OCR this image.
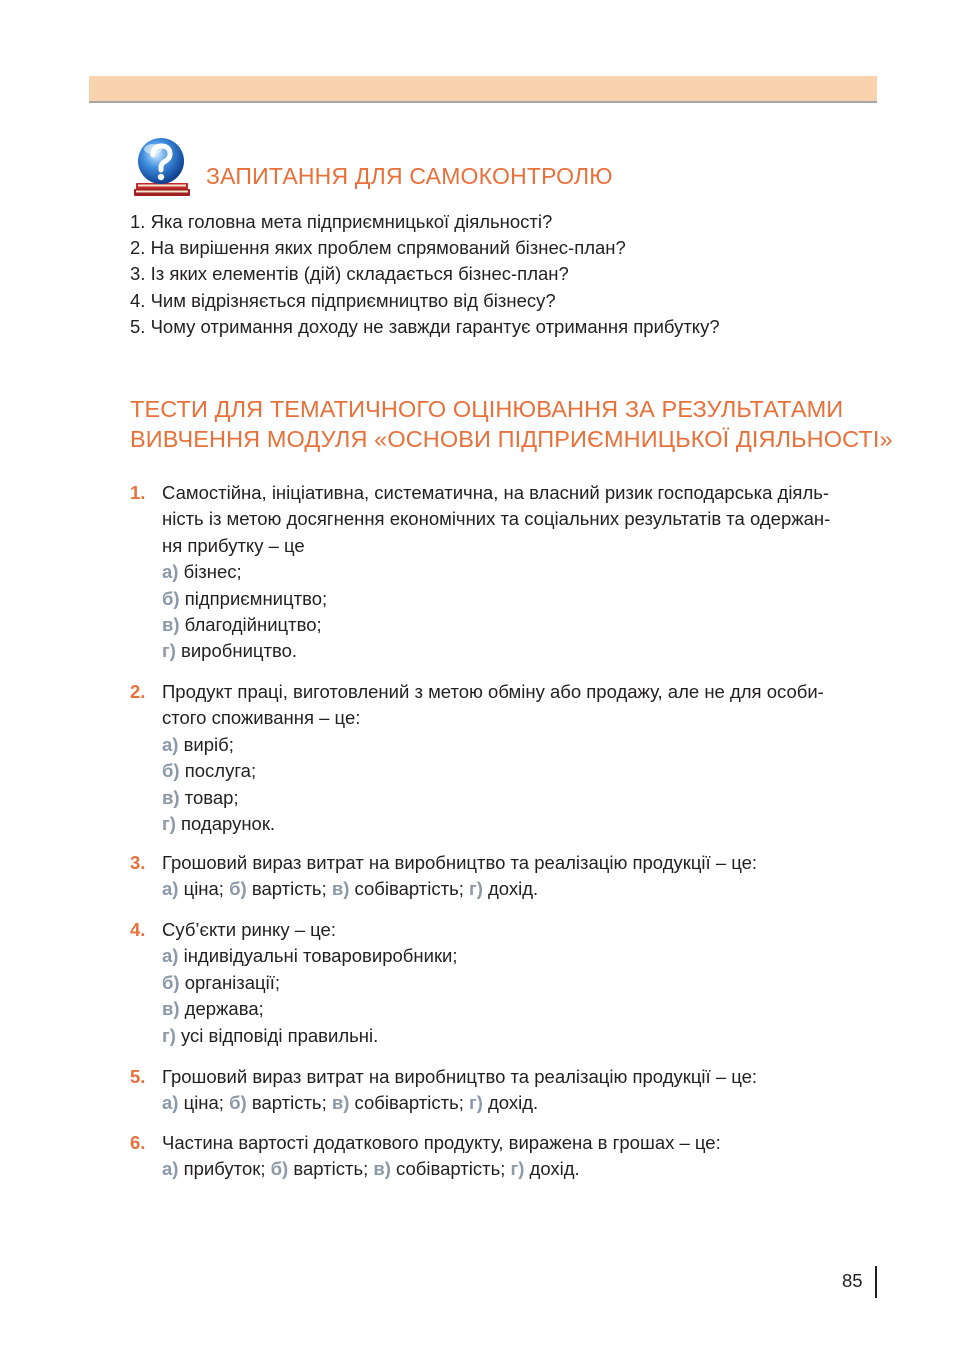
ЗАПИТАННЯ ДЛЯ САМОКОНТРОЛЮ
1. Яка головна мета підприємницької діяльності?
2. На вирішення яких проблем спрямований бізнес-план?
3. Із яких елементів (дій) складається бізнес-план?
4. Чим відрізняється підприємництво від бізнесу?
5. Чому отримання доходу не завжди гарантує отримання прибутку?
ТЕСТИ ДЛЯ ТЕМАТИЧНОГО ОЦІНЮВАННЯ ЗА РЕЗУЛЬТАТАМИ
ВИВЧЕННЯ МОДУЛЯ «ОСНОВИ ПІДПРИЄМНИЦЬКОЇ ДІЯЛЬНОСТІ»
1. Самостійна, ініціативна, систематична, на власний ризик господарська діяль-
ність із метою досягнення економічних та соціальних результатів та одержан-
ня прибутку – це
а) бізнес;
б) підприємництво;
в) благодійництво;
г) виробництво.
2. Продукт праці, виготовлений з метою обміну або продажу, але не для особи-
стого споживання – це:
а) виріб;
б) послуга;
в) товар;
г) подарунок.
3. Грошовий вираз витрат на виробництво та реалізацію продукції – це:
а) ціна; б) вартість; в) собівартість; г) дохід.
4. Суб’єкти ринку – це:
а) індивідуальні товаровиробники;
б) організації;
в) держава;
г) усі відповіді правильні.
5. Грошовий вираз витрат на виробництво та реалізацію продукції – це:
а) ціна; б) вартість; в) собівартість; г) дохід.
6. Частина вартості додаткового продукту, виражена в грошах – це:
а) прибуток; б) вартість; в) собівартість; г) дохід.
85
